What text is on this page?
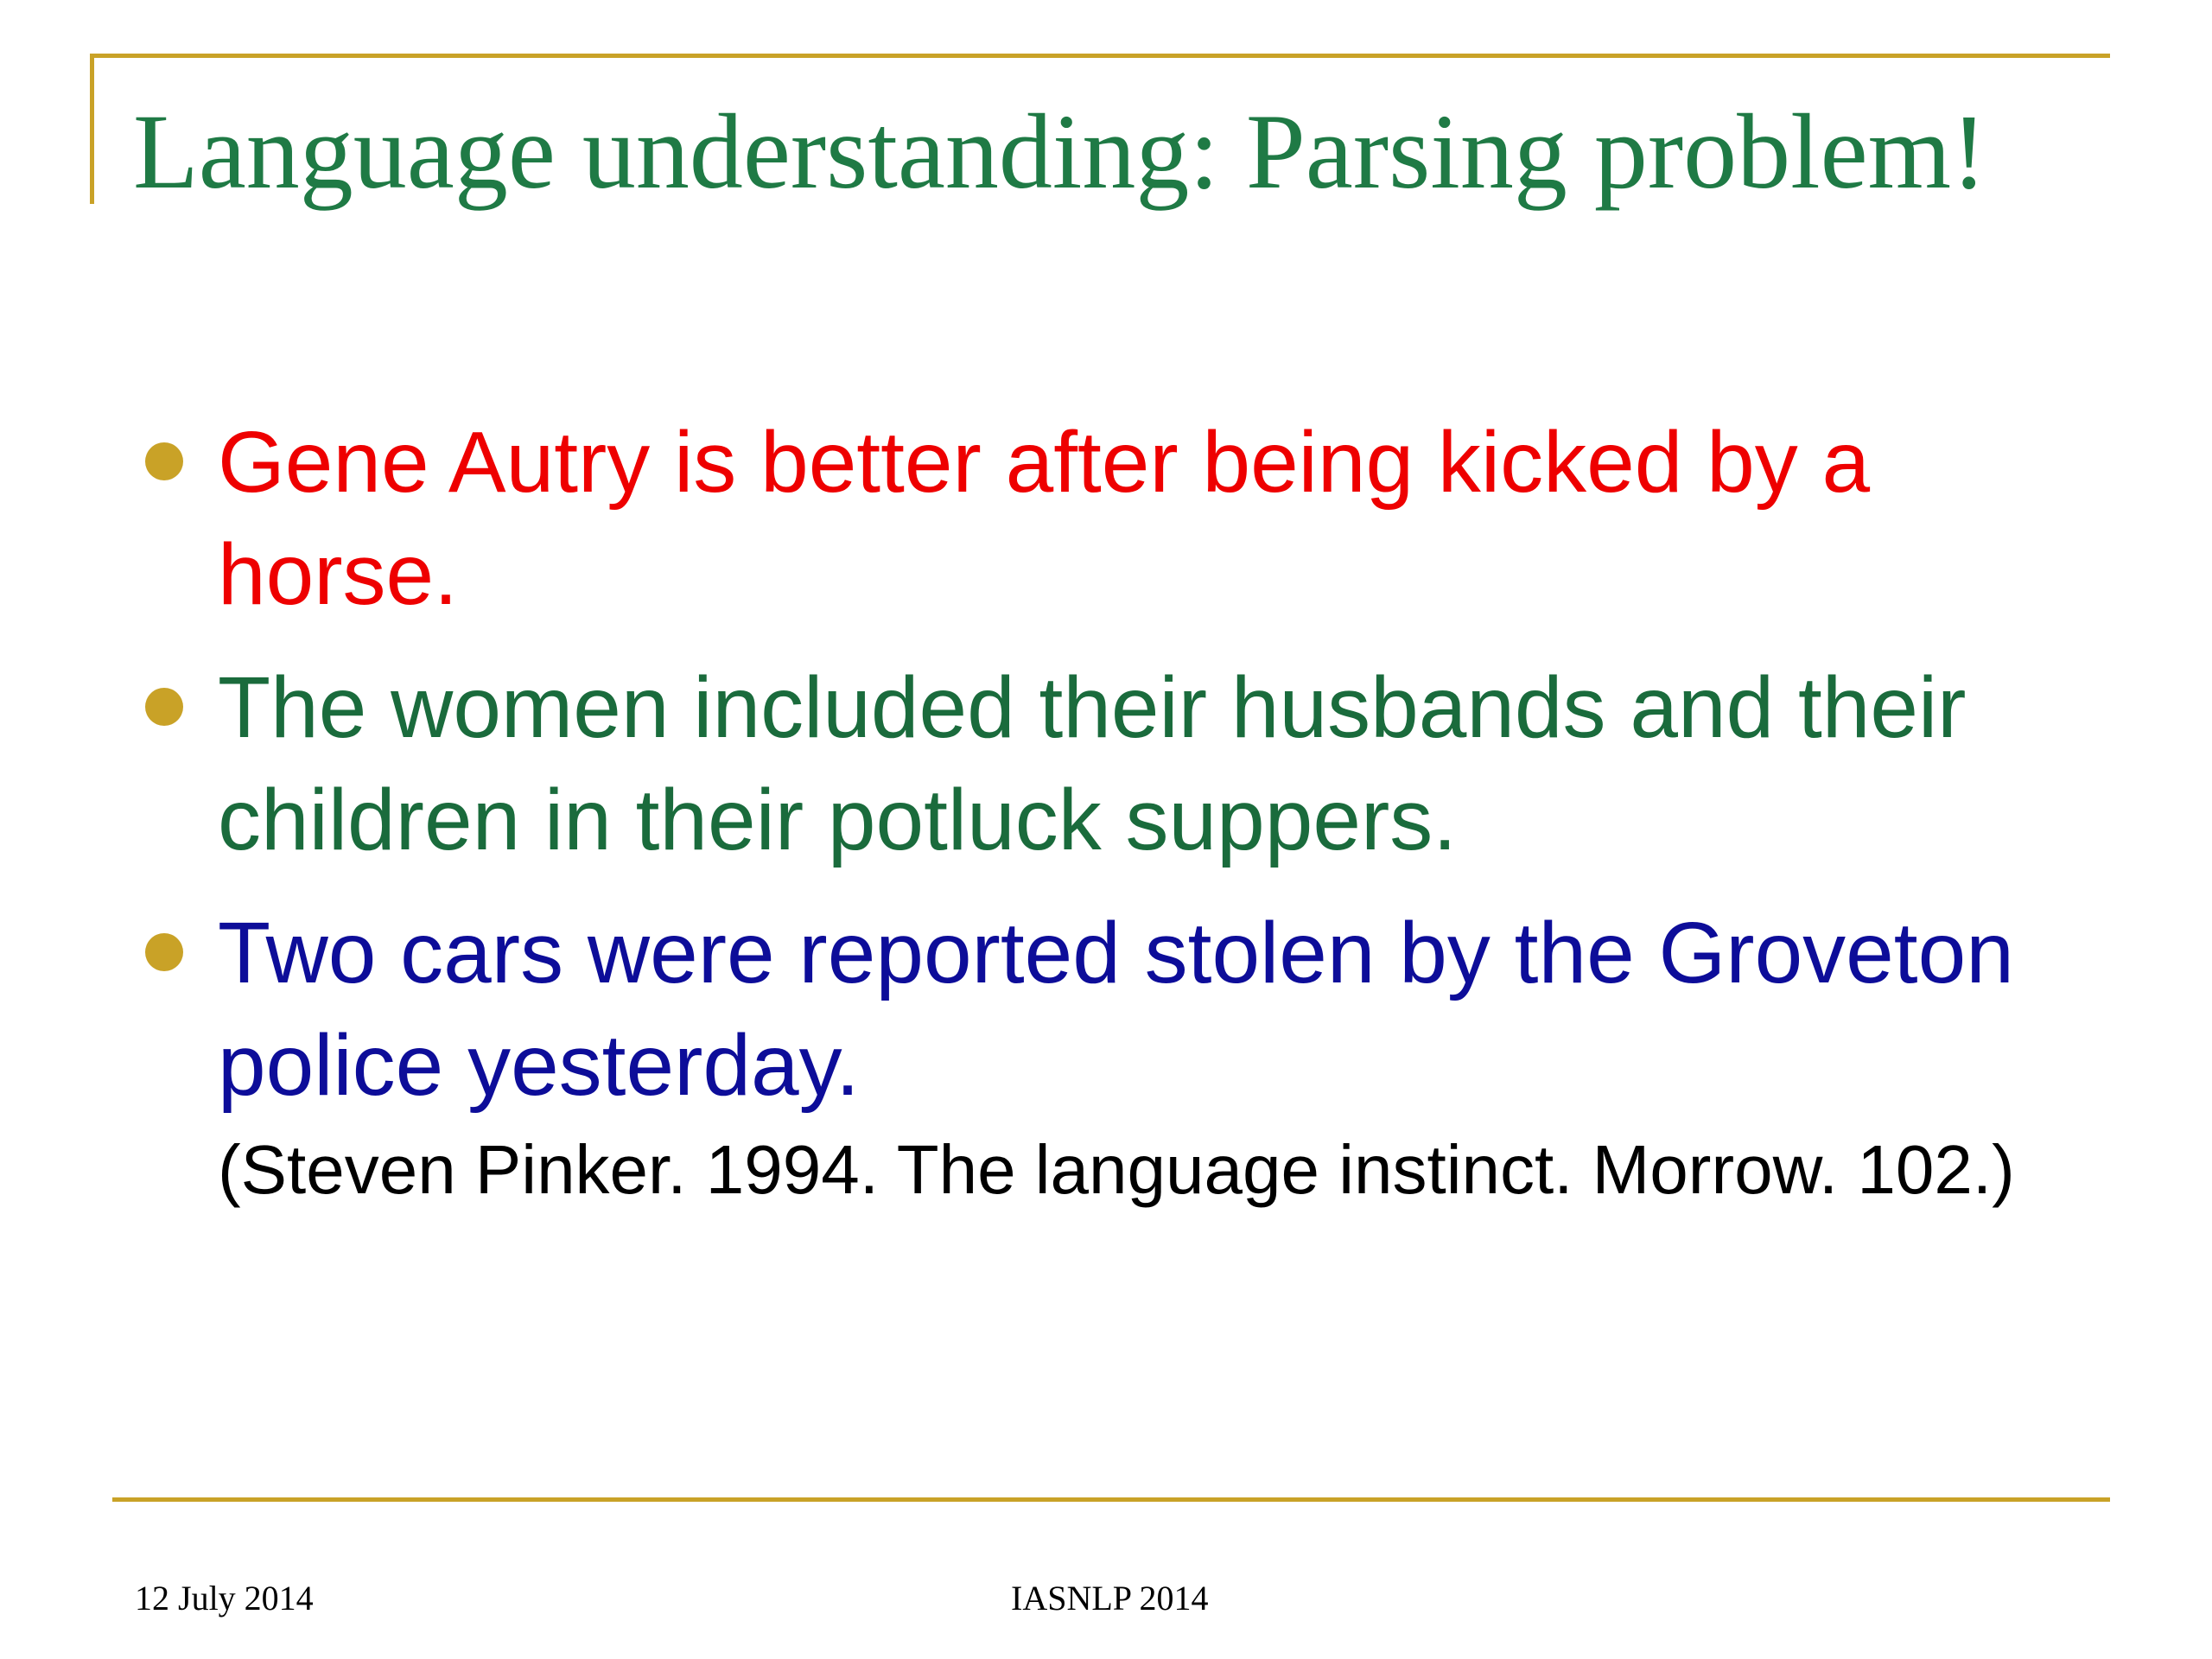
Language understanding: Parsing problem!
Gene Autry is better after being kicked by a horse.
The women included their husbands and their children in their potluck suppers.
Two cars were reported stolen by the Groveton police yesterday.
(Steven Pinker. 1994. The language instinct. Morrow. 102.)
12 July 2014	IASNLP 2014
